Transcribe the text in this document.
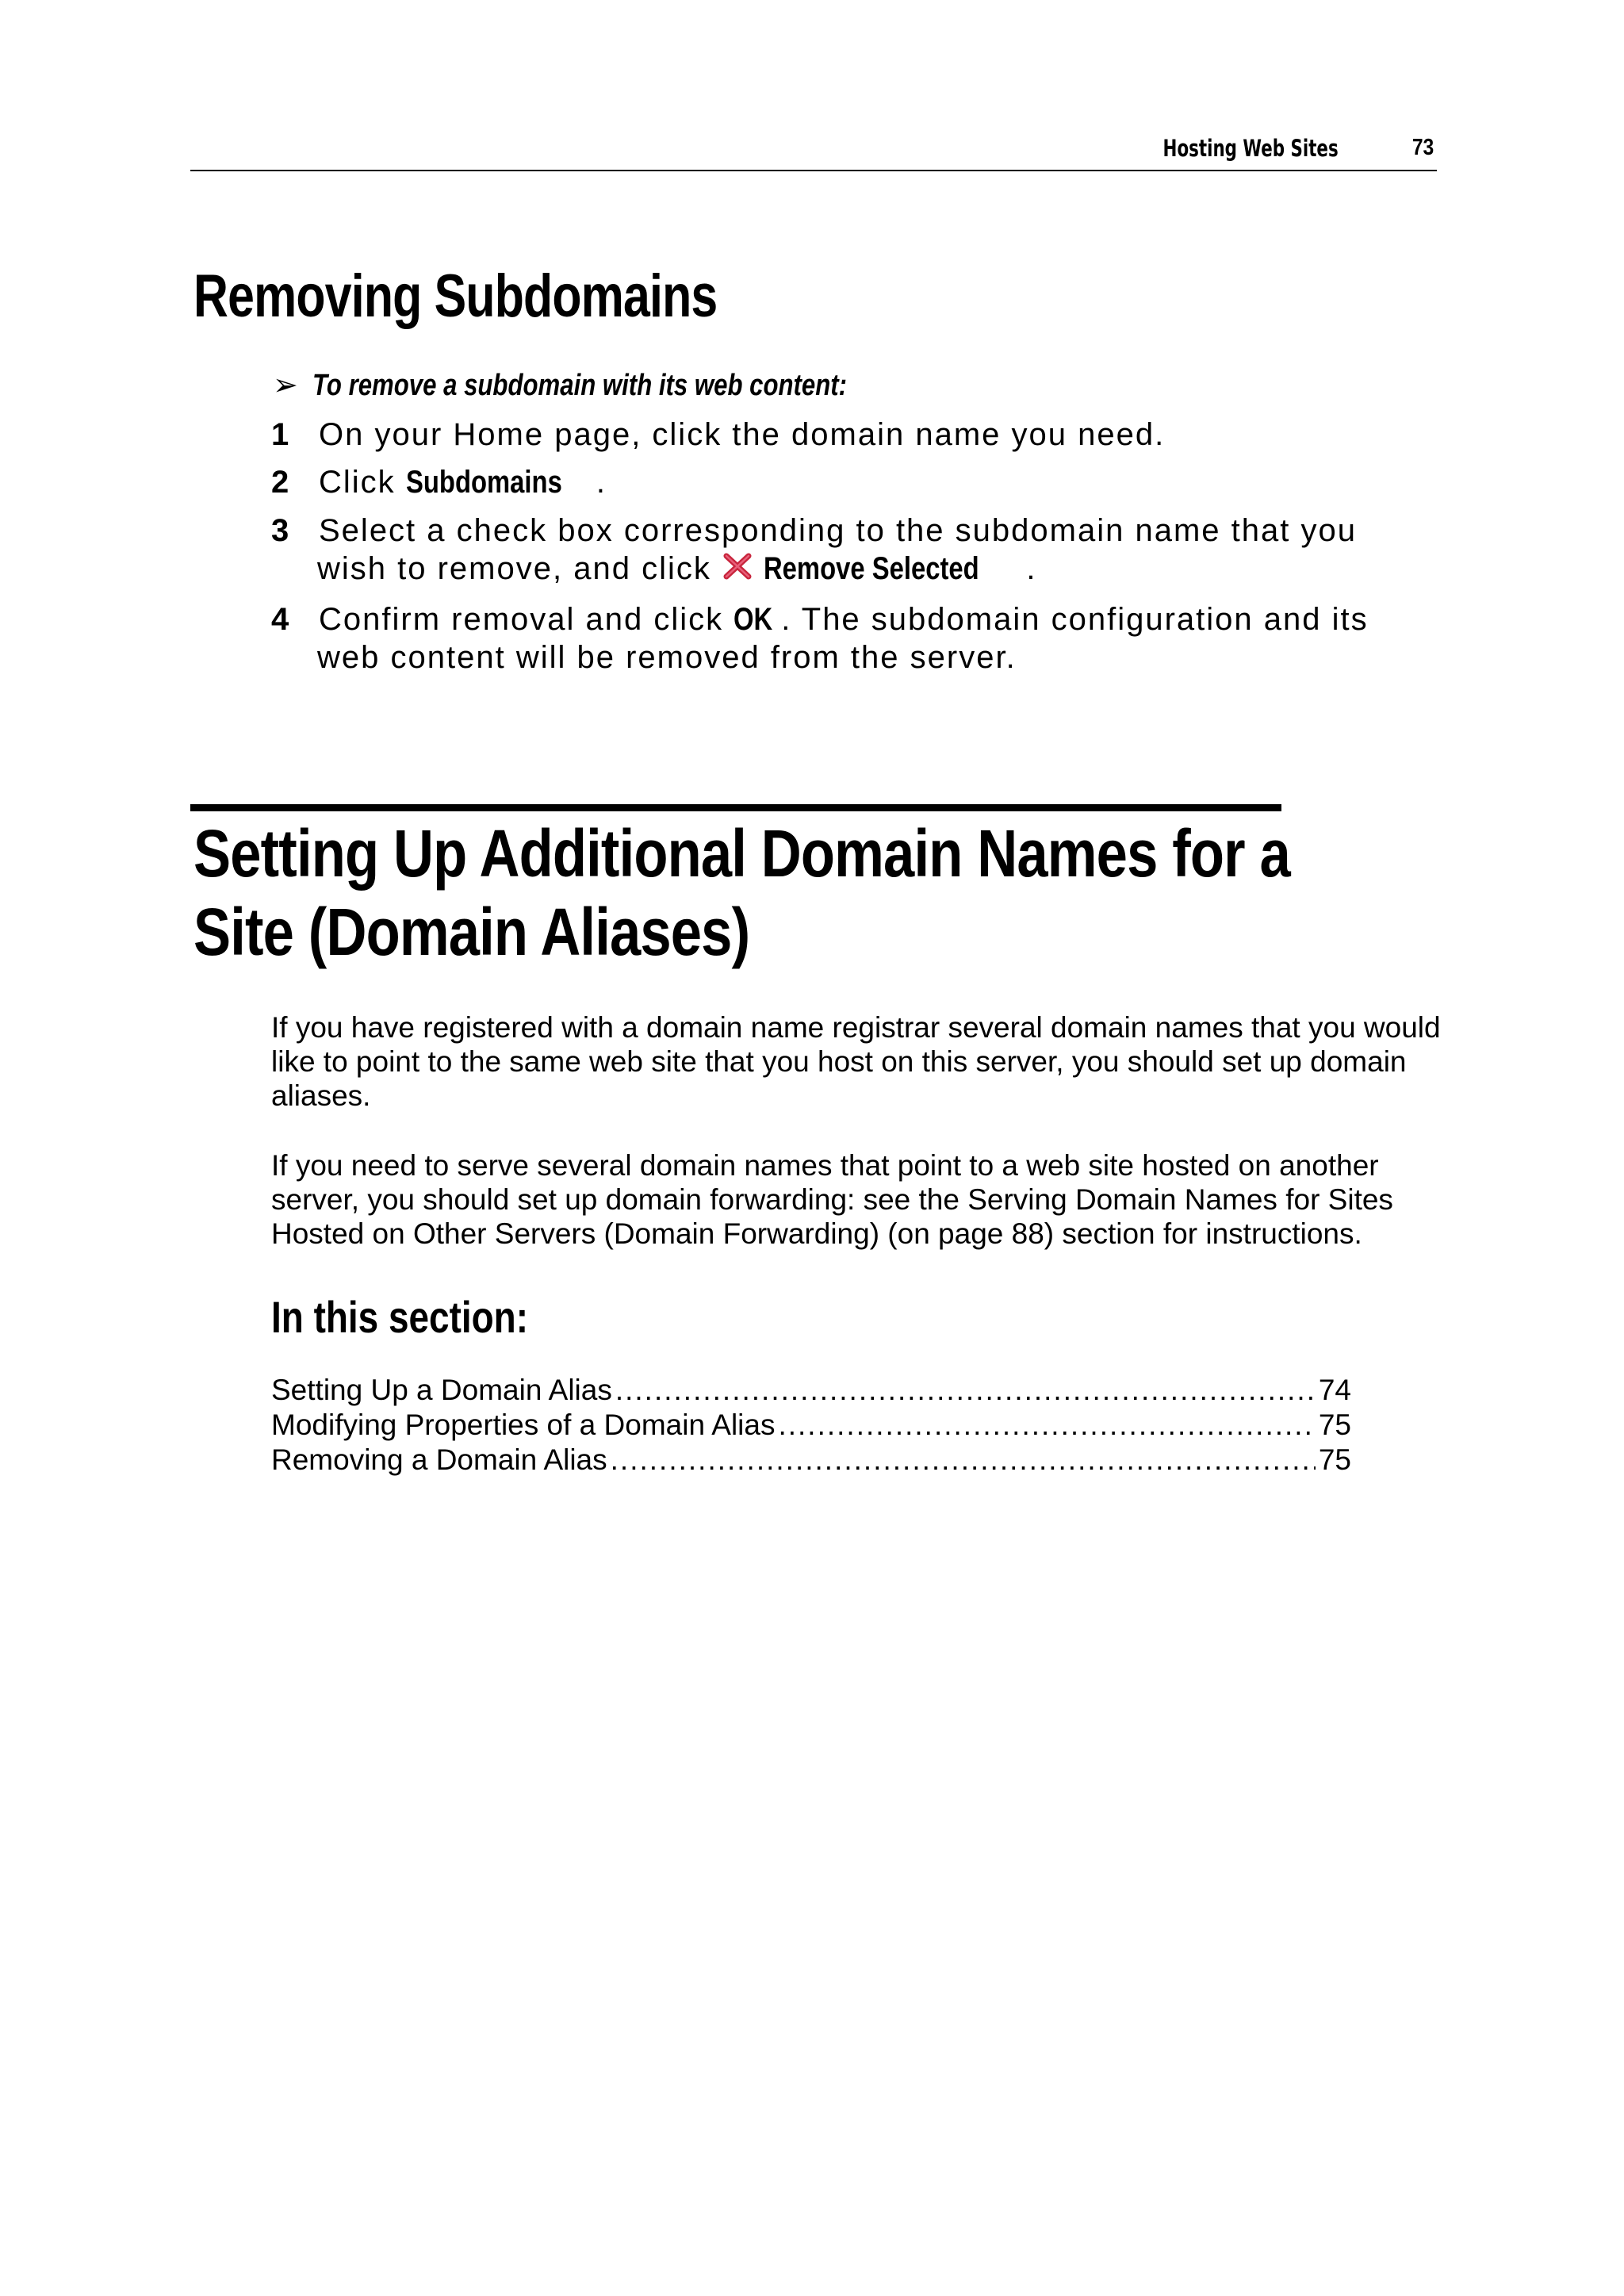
Hosting Web Sites	73
Removing Subdomains
➢ To remove a subdomain with its web content:
1 On your Home page, click the domain name you need.
2 Click Subdomains .
3 Select a check box corresponding to the subdomain name that you
wish to remove, and click  Remove Selected .
4 Confirm removal and click OK . The subdomain configuration and its
web content will be removed from the server.
Setting Up Additional Domain Names for a
Site (Domain Aliases)

If you have registered with a domain name registrar several domain names that you would like to point to the same web site that you host on this server, you should set up domain aliases.

If you need to serve several domain names that point to a web site hosted on another server, you should set up domain forwarding: see the Serving Domain Names for Sites Hosted on Other Servers (Domain Forwarding) (on page 88) section for instructions.

In this section:
Setting Up a Domain Alias .....	74
Modifying Properties of a Domain Alias .....	75
Removing a Domain Alias .....	75
